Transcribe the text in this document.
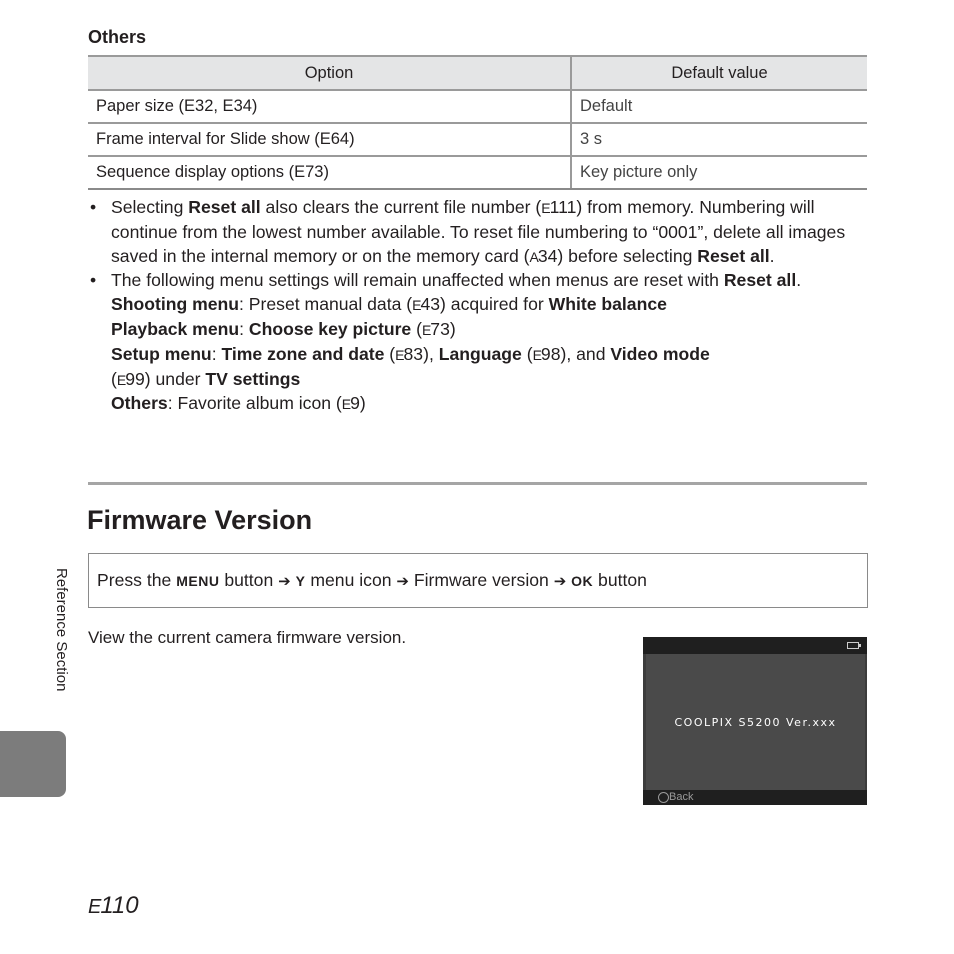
Others
Option	Default value
Paper size (E32, E34)	Default
Frame interval for Slide show (E64)	3 s
Sequence display options (E73)	Key picture only
• Selecting Reset all also clears the current file number (E111) from memory. Numbering will continue from the lowest number available. To reset file numbering to “0001”, delete all images saved in the internal memory or on the memory card (A34) before selecting Reset all.
• The following menu settings will remain unaffected when menus are reset with Reset all.
Shooting menu: Preset manual data (E43) acquired for White balance
Playback menu: Choose key picture (E73)
Setup menu: Time zone and date (E83), Language (E98), and Video mode
(E99) under TV settings
Others: Favorite album icon (E9)
Firmware Version
Press the MENU button ➔
Y menu icon ➔ Firmware version ➔
OK button
View the current camera firmware version.
COOLPIX S5200 Ver.xxx
Back
Reference Section
E110
